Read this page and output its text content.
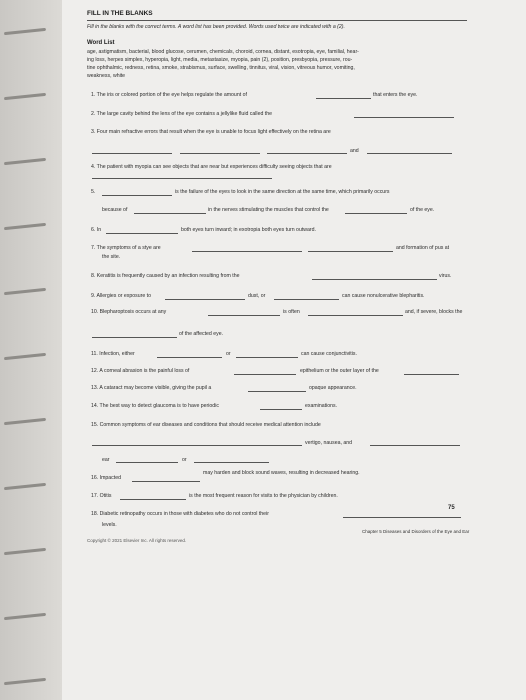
FILL IN THE BLANKS
Fill in the blanks with the correct terms. A word list has been provided. Words used twice are indicated with a (2).
Word List
age, astigmatism, bacterial, blood glucose, cerumen, chemicals, choroid, cornea, distant, esotropia, eye, familial, hear-
ing loss, herpes simplex, hyperopia, light, media, metastasize, myopia, pain (2), position, presbyopia, pressure, rou-
tine ophthalmic, redness, retina, smoke, strabismus, surface, swelling, tinnitus, viral, vision, vitreous humor, vomiting,
weakness, white
1. The iris or colored portion of the eye helps regulate the amount of	that enters the eye.
2. The large cavity behind the lens of the eye contains a jellylike fluid called the
3. Four main refractive errors that result when the eye is unable to focus light effectively on the retina are
and
4. The patient with myopia can see objects that are near but experiences difficulty seeing objects that are
5.	is the failure of the eyes to look in the same direction at the same time, which primarily occurs
because of	in the nerves stimulating the muscles that control the	of the eye.
6. In	both eyes turn inward; in exotropia both eyes turn outward.
7. The symptoms of a stye are	and formation of pus at
the site.
8. Keratitis is frequently caused by an infection resulting from the	virus.
9. Allergies or exposure to	dust, or	can cause nonulcerative blepharitis.
10. Blepharoptosis occurs at any	is often	and, if severe, blocks the
of the affected eye.
11. Infection, either	or	can cause conjunctivitis.
12. A corneal abrasion is the painful loss of	epithelium or the outer layer of the
13. A cataract may become visible, giving the pupil a	opaque appearance.
14. The best way to detect glaucoma is to have periodic	examinations.
15. Common symptoms of ear diseases and conditions that should receive medical attention include
vertigo, nausea, and
ear	or
16. Impacted
may harden and block sound waves, resulting in decreased hearing.
17. Otitis	is the most frequent reason for visits to the physician by children.
18. Diabetic retinopathy occurs in those with diabetes who do not control their
levels.
75
Copyright © 2021 Elsevier Inc. All rights reserved.
Chapter 5 Diseases and Disorders of the Eye and Ear
